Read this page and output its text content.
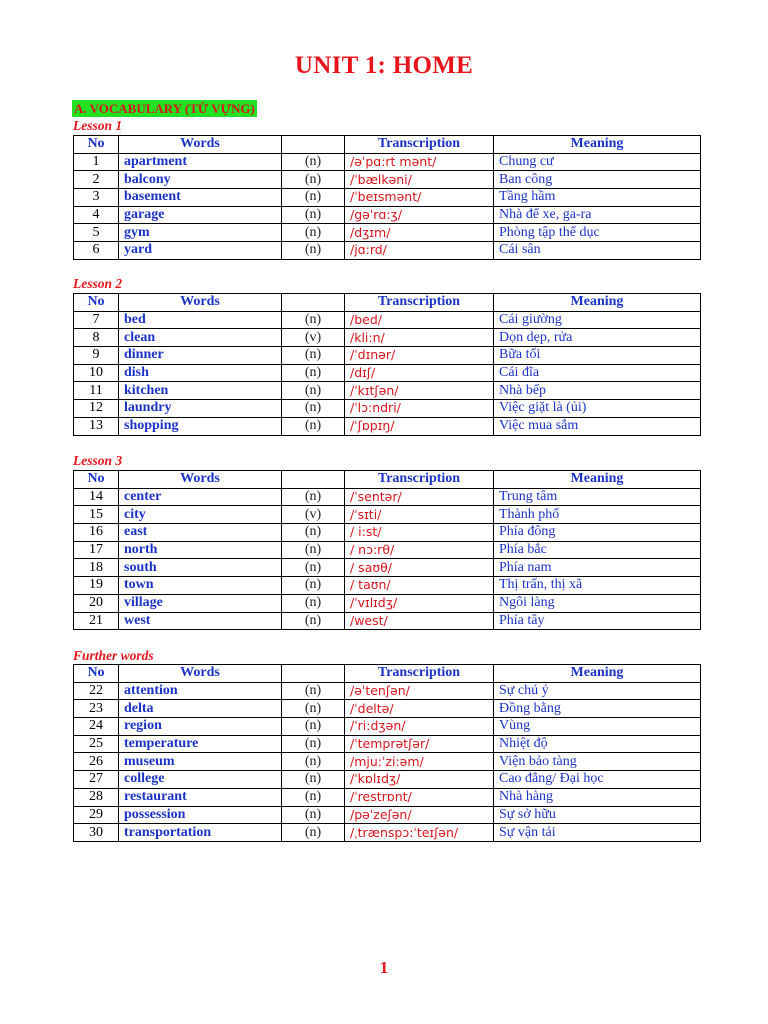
UNIT 1: HOME
A. VOCABULARY (TỪ VỰNG)
Lesson 1
No	Words		Transcription	Meaning
1	apartment	(n)	/əˈpɑ:rt mənt/	Chung cư
2	balcony	(n)	/ˈbælkəni/	Ban công
3	basement	(n)	/ˈbeɪsmənt/	Tầng hầm
4	garage	(n)	/gəˈrɑ:ʒ/	Nhà để xe, ga-ra
5	gym	(n)	/dʒɪm/	Phòng tập thể dục
6	yard	(n)	/jɑ:rd/	Cái sân
Lesson 2
No	Words		Transcription	Meaning
7	bed	(n)	/bed/	Cái giường
8	clean	(v)	/kli:n/	Dọn dẹp, rửa
9	dinner	(n)	/ˈdɪnər/	Bữa tối
10	dish	(n)	/dɪʃ/	Cái đĩa
11	kitchen	(n)	/ˈkɪtʃən/	Nhà bếp
12	laundry	(n)	/ˈlɔ:ndri/	Việc giặt là (ủi)
13	shopping	(n)	/ˈʃɒpɪŋ/	Việc mua sắm
Lesson 3
No	Words		Transcription	Meaning
14	center	(n)	/ˈsentər/	Trung tâm
15	city	(v)	/ˈsɪti/	Thành phố
16	east	(n)	/ i:st/	Phía đông
17	north	(n)	/ nɔ:rθ/	Phía bắc
18	south	(n)	/ saʊθ/	Phía nam
19	town	(n)	/ taʊn/	Thị trấn, thị xã
20	village	(n)	/ˈvɪlɪdʒ/	Ngôi làng
21	west	(n)	/west/	Phía tây
Further words
No	Words		Transcription	Meaning
22	attention	(n)	/əˈtenʃən/	Sự chú ý
23	delta	(n)	/ˈdeltə/	Đồng bằng
24	region	(n)	/ˈri:dʒən/	Vùng
25	temperature	(n)	/ˈtemprətʃər/	Nhiệt độ
26	museum	(n)	/mju:ˈzi:əm/	Viện bảo tàng
27	college	(n)	/ˈkɒlɪdʒ/	Cao đẳng/ Đại học
28	restaurant	(n)	/ˈrestrɒnt/	Nhà hàng
29	possession	(n)	/pəˈzeʃən/	Sự sở hữu
30	transportation	(n)	/ˌtrænspɔ:ˈteɪʃən/	Sự vận tải
1
